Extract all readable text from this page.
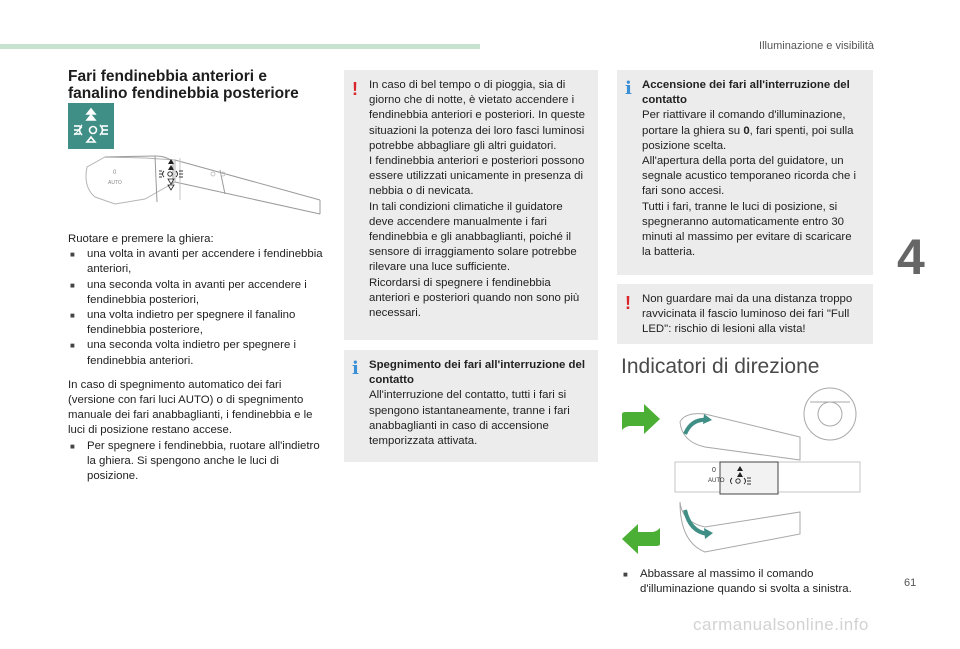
Illuminazione e visibilità
4
61
carmanualsonline.info
Fari fendinebbia anteriori e fanalino fendinebbia posteriore
AUTO
0
Ruotare e premere la ghiera:
■ una volta in avanti per accendere i fendinebbia anteriori,
■ una seconda volta in avanti per accendere i fendinebbia posteriori,
■ una volta indietro per spegnere il fanalino fendinebbia posteriore,
■ una seconda volta indietro per spegnere i fendinebbia anteriori.
In caso di spegnimento automatico dei fari (versione con fari luci AUTO) o di spegnimento manuale dei fari anabbaglianti, i fendinebbia e le luci di posizione restano accese.
■ Per spegnere i fendinebbia, ruotare all'indietro la ghiera. Si spengono anche le luci di posizione.
! In caso di bel tempo o di pioggia, sia di giorno che di notte, è vietato accendere i fendinebbia anteriori e posteriori. In queste situazioni la potenza dei loro fasci luminosi potrebbe abbagliare gli altri guidatori.
I fendinebbia anteriori e posteriori possono essere utilizzati unicamente in presenza di nebbia o di nevicata.
In tali condizioni climatiche il guidatore deve accendere manualmente i fari fendinebbia e gli anabbaglianti, poiché il sensore di irraggiamento solare potrebbe rilevare una luce sufficiente.
Ricordarsi di spegnere i fendinebbia anteriori e posteriori quando non sono più necessari.
i Spegnimento dei fari all'interruzione del contatto
All'interruzione del contatto, tutti i fari si spengono istantaneamente, tranne i fari anabbaglianti in caso di accensione temporizzata attivata.
i Accensione dei fari all'interruzione del contatto
Per riattivare il comando d'illuminazione, portare la ghiera su 0, fari spenti, poi sulla posizione scelta.
All'apertura della porta del guidatore, un segnale acustico temporaneo ricorda che i fari sono accesi.
Tutti i fari, tranne le luci di posizione, si spegneranno automaticamente entro 30 minuti al massimo per evitare di scaricare la batteria.
! Non guardare mai da una distanza troppo ravvicinata il fascio luminoso dei fari "Full LED": rischio di lesioni alla vista!
Indicatori di direzione
AUTO
0
■ Abbassare al massimo il comando d'illuminazione quando si svolta a sinistra.
